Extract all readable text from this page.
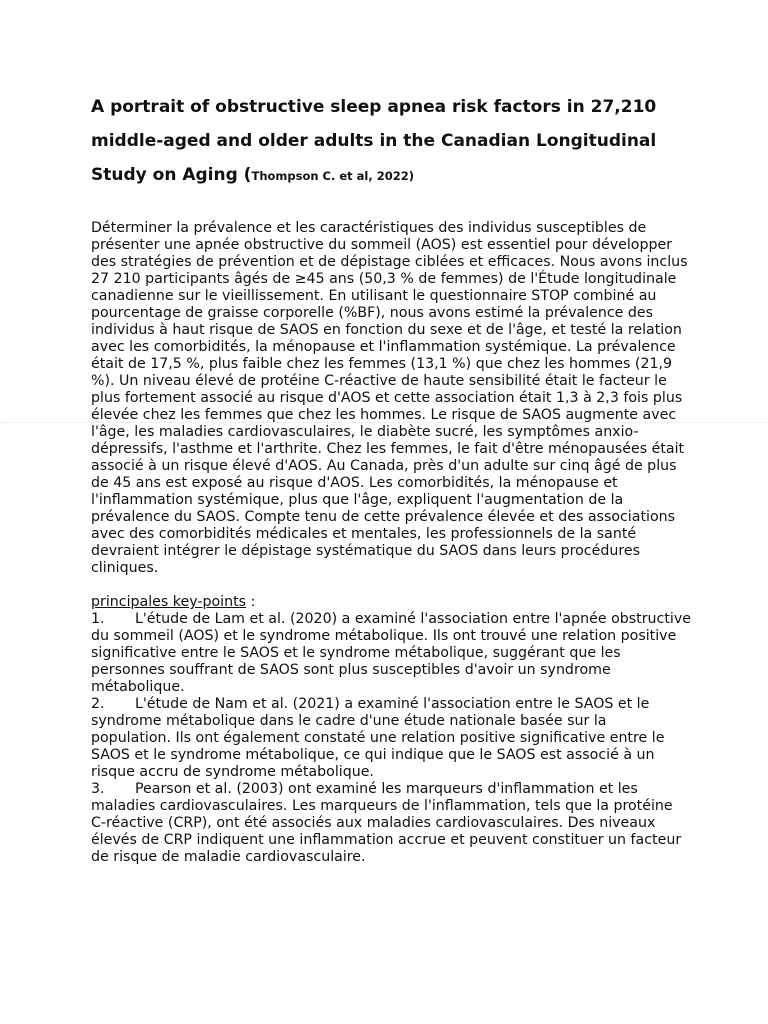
A portrait of obstructive sleep apnea risk factors in 27,210 middle-aged and older adults in the Canadian Longitudinal Study on Aging (Thompson C. et al, 2022)
Déterminer la prévalence et les caractéristiques des individus susceptibles de présenter une apnée obstructive du sommeil (AOS) est essentiel pour développer des stratégies de prévention et de dépistage ciblées et efficaces. Nous avons inclus 27 210 participants âgés de ≥45 ans (50,3 % de femmes) de l'Étude longitudinale canadienne sur le vieillissement. En utilisant le questionnaire STOP combiné au pourcentage de graisse corporelle (%BF), nous avons estimé la prévalence des individus à haut risque de SAOS en fonction du sexe et de l'âge, et testé la relation avec les comorbidités, la ménopause et l'inflammation systémique. La prévalence était de 17,5 %, plus faible chez les femmes (13,1 %) que chez les hommes (21,9 %). Un niveau élevé de protéine C-réactive de haute sensibilité était le facteur le plus fortement associé au risque d'AOS et cette association était 1,3 à 2,3 fois plus élevée chez les femmes que chez les hommes. Le risque de SAOS augmente avec l'âge, les maladies cardiovasculaires, le diabète sucré, les symptômes anxio-dépressifs, l'asthme et l'arthrite. Chez les femmes, le fait d'être ménopausées était associé à un risque élevé d'AOS. Au Canada, près d'un adulte sur cinq âgé de plus de 45 ans est exposé au risque d'AOS. Les comorbidités, la ménopause et l'inflammation systémique, plus que l'âge, expliquent l'augmentation de la prévalence du SAOS. Compte tenu de cette prévalence élevée et des associations avec des comorbidités médicales et mentales, les professionnels de la santé devraient intégrer le dépistage systématique du SAOS dans leurs procédures cliniques.
principales key-points :
1. L'étude de Lam et al. (2020) a examiné l'association entre l'apnée obstructive du sommeil (AOS) et le syndrome métabolique. Ils ont trouvé une relation positive significative entre le SAOS et le syndrome métabolique, suggérant que les personnes souffrant de SAOS sont plus susceptibles d'avoir un syndrome métabolique.
2. L'étude de Nam et al. (2021) a examiné l'association entre le SAOS et le syndrome métabolique dans le cadre d'une étude nationale basée sur la population. Ils ont également constaté une relation positive significative entre le SAOS et le syndrome métabolique, ce qui indique que le SAOS est associé à un risque accru de syndrome métabolique.
3. Pearson et al. (2003) ont examiné les marqueurs d'inflammation et les maladies cardiovasculaires. Les marqueurs de l'inflammation, tels que la protéine C-réactive (CRP), ont été associés aux maladies cardiovasculaires. Des niveaux élevés de CRP indiquent une inflammation accrue et peuvent constituer un facteur de risque de maladie cardiovasculaire.
